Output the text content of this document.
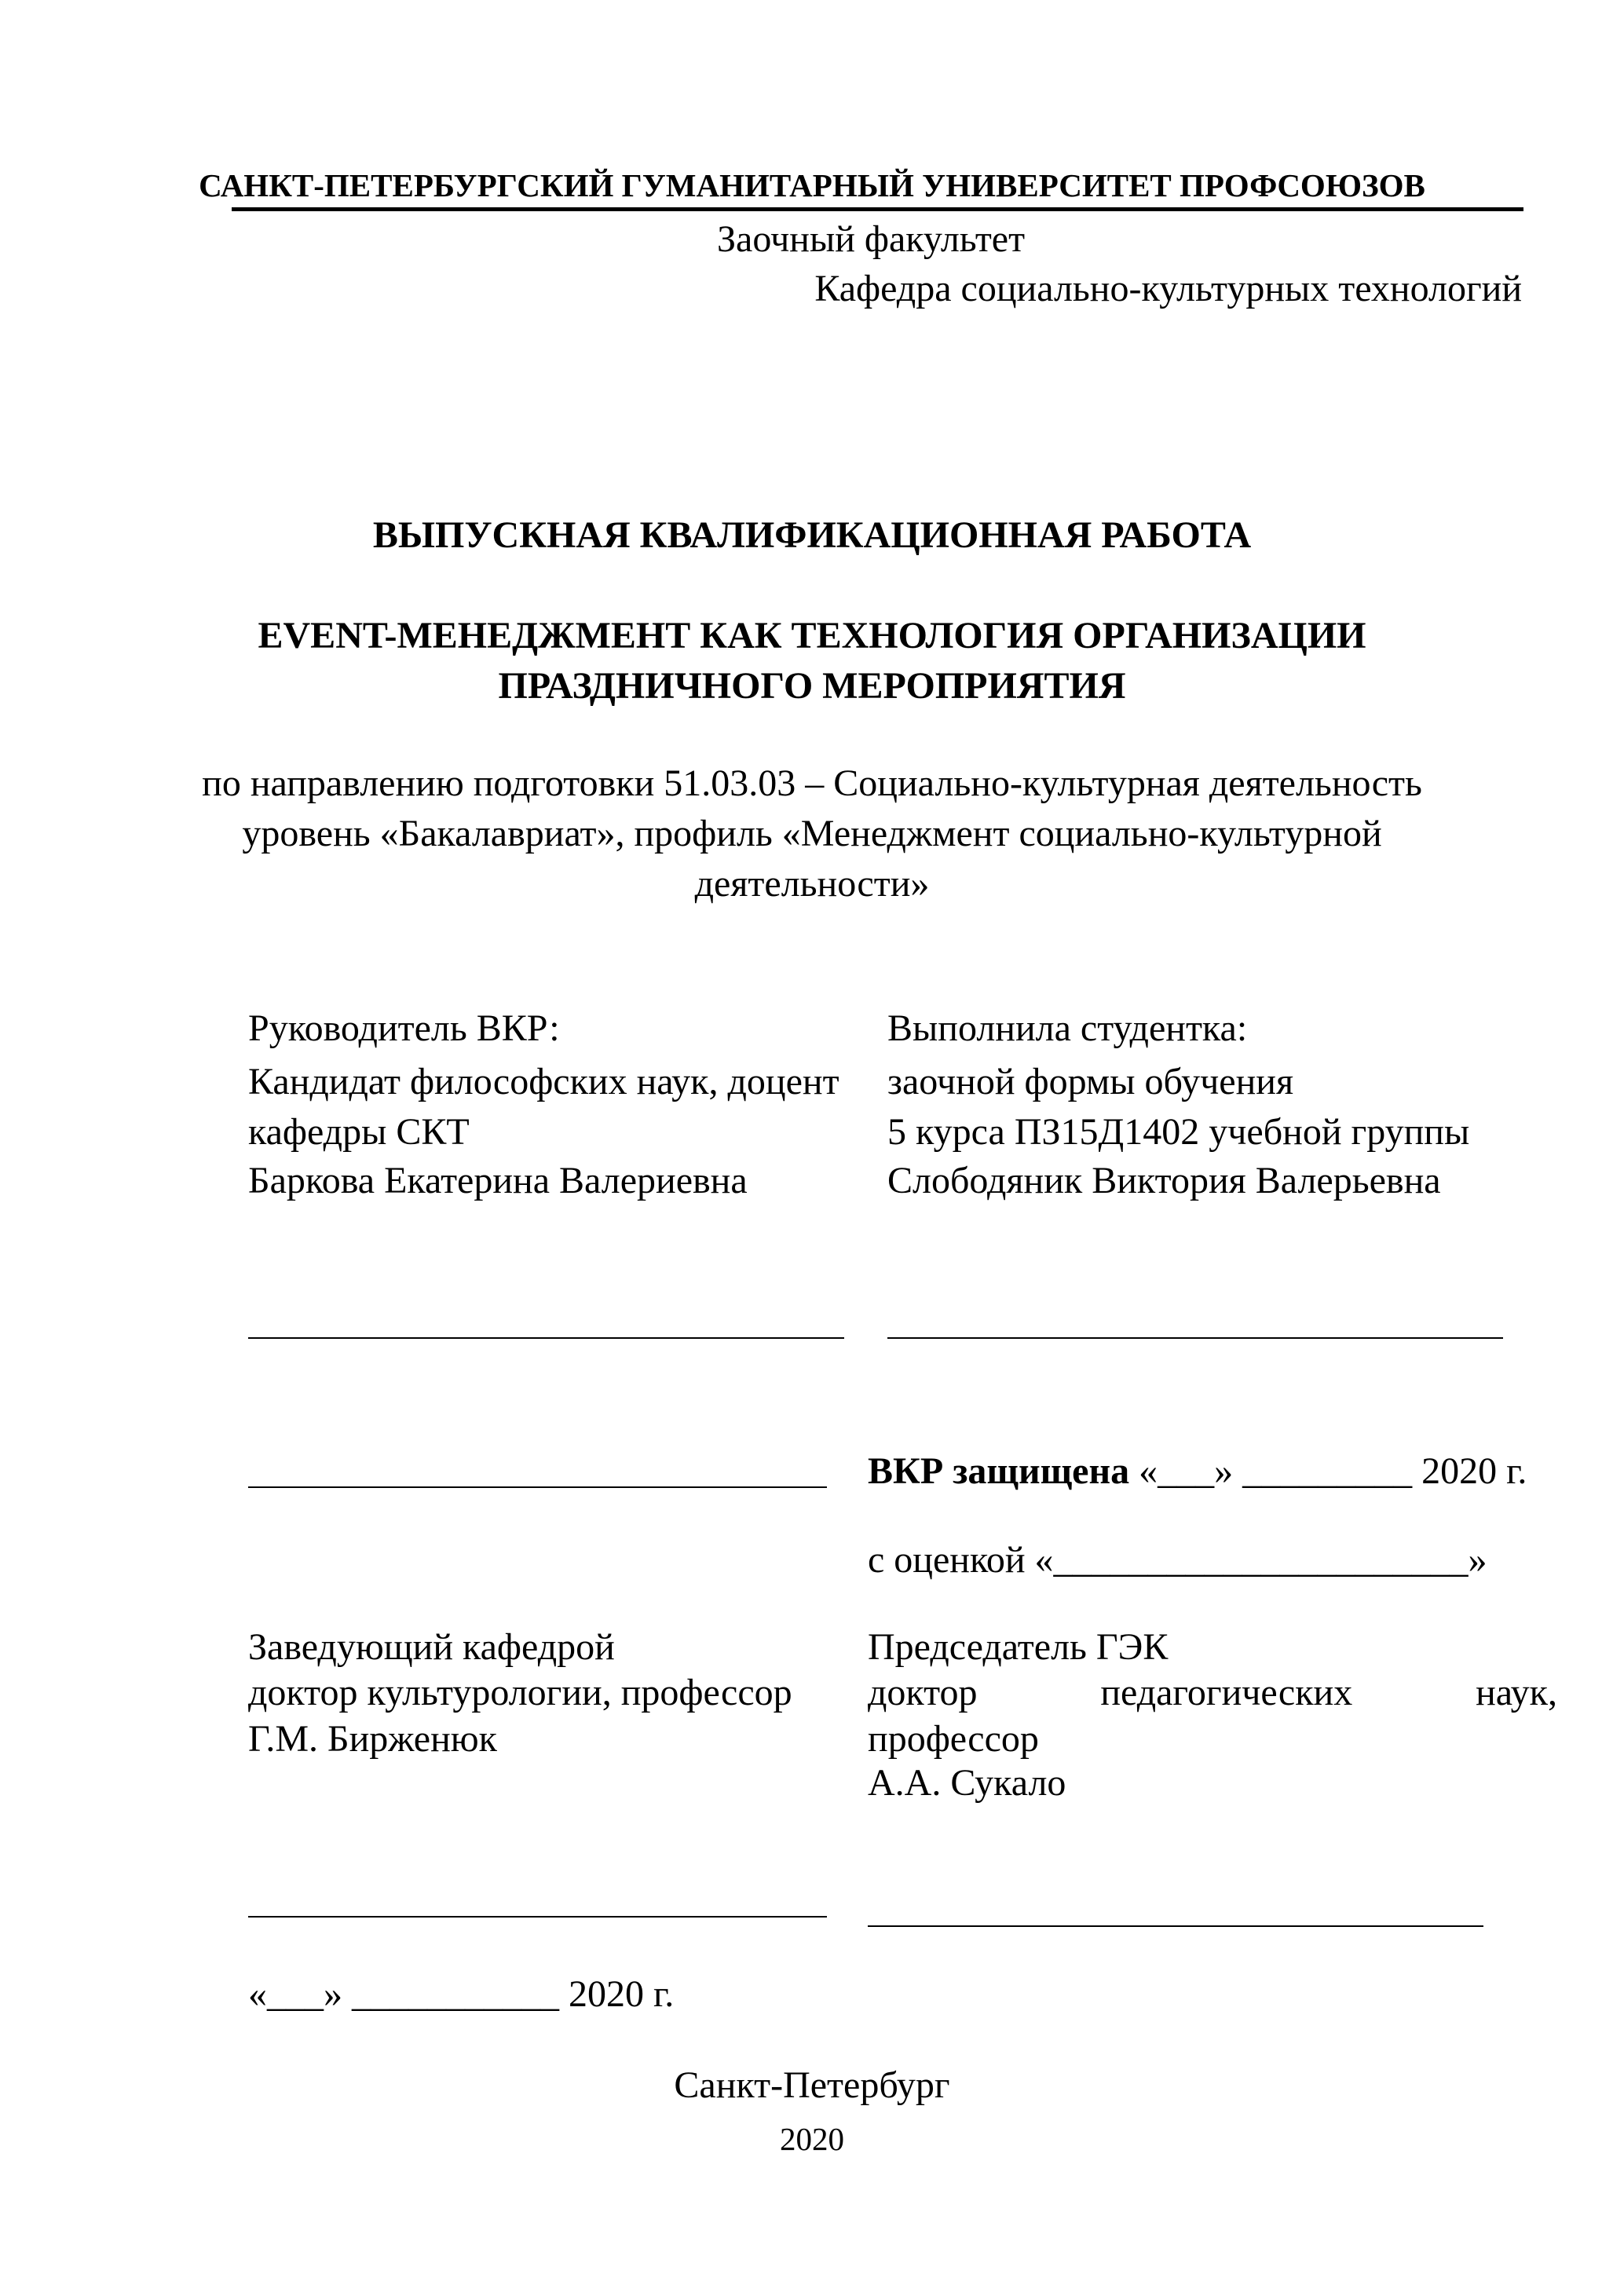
САНКТ-ПЕТЕРБУРГСКИЙ ГУМАНИТАРНЫЙ УНИВЕРСИТЕТ ПРОФСОЮЗОВ
Заочный факультет
Кафедра социально-культурных технологий
ВЫПУСКНАЯ КВАЛИФИКАЦИОННАЯ РАБОТА
EVENT-МЕНЕДЖМЕНТ КАК ТЕХНОЛОГИЯ ОРГАНИЗАЦИИ
ПРАЗДНИЧНОГО МЕРОПРИЯТИЯ
по направлению подготовки 51.03.03 – Социально-культурная деятельность
уровень «Бакалавриат», профиль «Менеджмент социально-культурной
деятельности»
Руководитель ВКР:
Кандидат философских наук, доцент
кафедры СКТ
Баркова Екатерина Валериевна
Выполнила студентка:
заочной формы обучения
5 курса ПЗ15Д1402 учебной группы
Слободяник Виктория Валерьевна
ВКР защищена «___» _________ 2020 г.
с оценкой «______________________»
Заведующий кафедрой
доктор культурологии, профессор
Г.М. Бирженюк
Председатель ГЭК
доктор	педагогических	наук,
профессор
А.А. Сукало
«___» ___________ 2020 г.
Санкт-Петербург
2020
